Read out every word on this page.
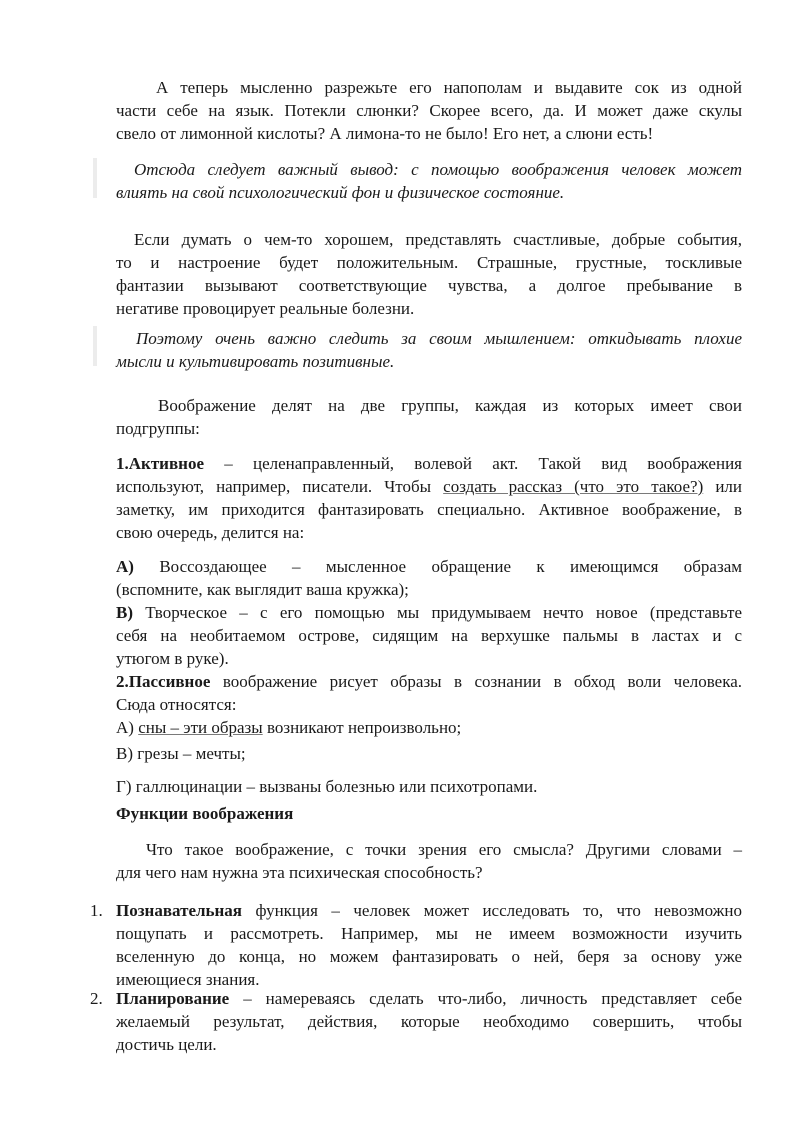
А теперь мысленно разрежьте его напополам и выдавите сок из одной
части себе на язык. Потекли слюнки? Скорее всего, да. И может даже скулы
свело от лимонной кислоты? А лимона-то не было! Его нет, а слюни есть!
Отсюда следует важный вывод: с помощью воображения человек может
влиять на свой психологический фон и физическое состояние.
Если думать о чем-то хорошем, представлять счастливые, добрые события,
то и настроение будет положительным. Страшные, грустные, тоскливые
фантазии вызывают соответствующие чувства, а долгое пребывание в
негативе провоцирует реальные болезни.
Поэтому очень важно следить за своим мышлением: откидывать плохие
мысли и культивировать позитивные.
Воображение делят на две группы, каждая из которых имеет свои
подгруппы:
1.Активное – целенаправленный, волевой акт. Такой вид воображения
используют, например, писатели. Чтобы создать рассказ (что это такое?) или
заметку, им приходится фантазировать специально. Активное воображение, в
свою очередь, делится на:
А) Воссоздающее – мысленное обращение к имеющимся образам
(вспомните, как выглядит ваша кружка);
В) Творческое – с его помощью мы придумываем нечто новое (представьте
себя на необитаемом острове, сидящим на верхушке пальмы в ластах и с
утюгом в руке).
2.Пассивное воображение рисует образы в сознании в обход воли человека.
Сюда относятся:
А) сны – эти образы возникают непроизвольно;
В) грезы – мечты;
Г) галлюцинации – вызваны болезнью или психотропами.
Функции воображения
Что такое воображение, с точки зрения его смысла? Другими словами –
для чего нам нужна эта психическая способность?
1. Познавательная функция – человек может исследовать то, что невозможно
пощупать и рассмотреть. Например, мы не имеем возможности изучить
вселенную до конца, но можем фантазировать о ней, беря за основу уже
имеющиеся знания.
2. Планирование – намереваясь сделать что-либо, личность представляет себе
желаемый результат, действия, которые необходимо совершить, чтобы
достичь цели.
